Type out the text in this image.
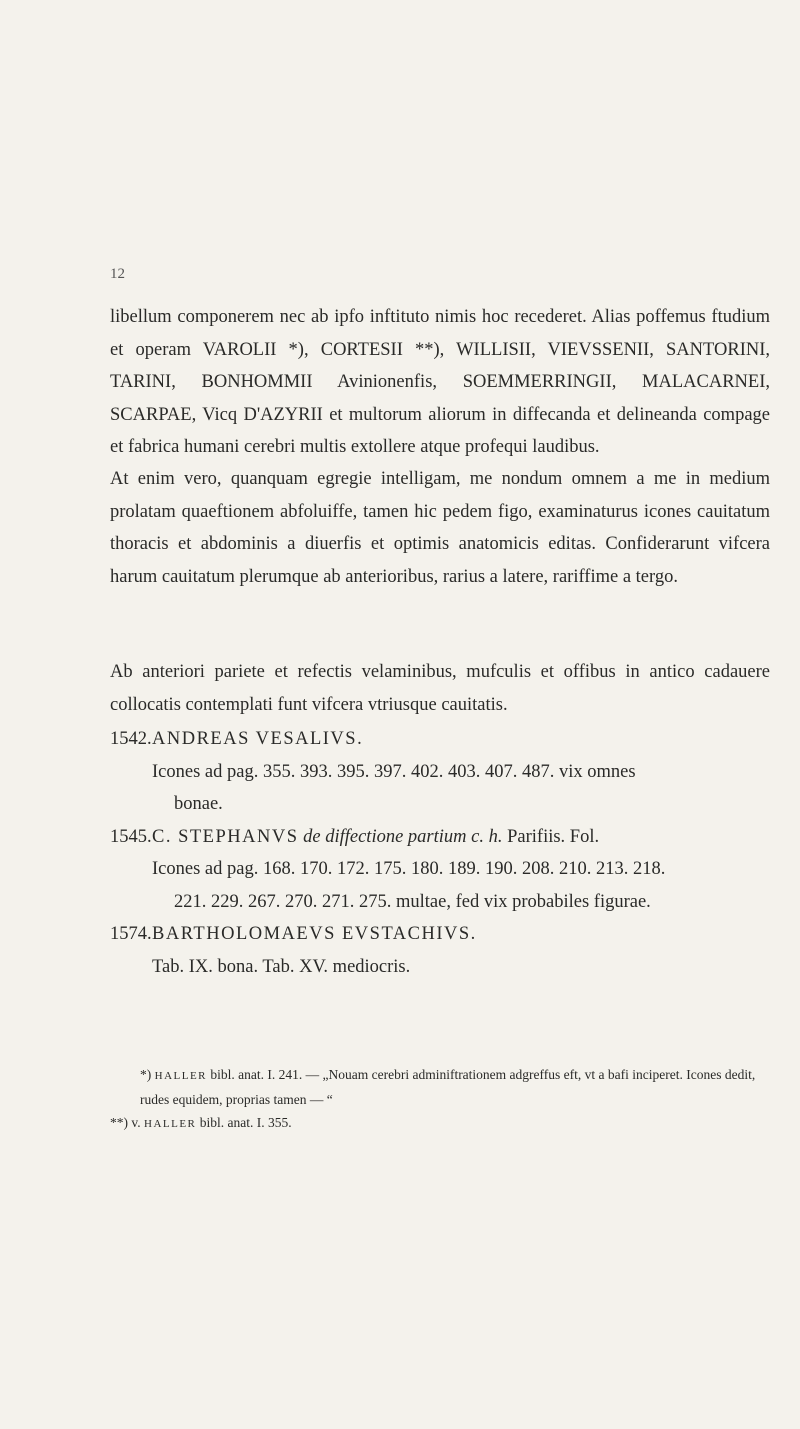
12

libellum componerem nec ab ipfo inftituto nimis hoc recederet. Alias poffemus ftudium et operam VAROLII *), CORTESII **), WILLISII, VIEVSSENII, SANTORINI, TARINI, BONHOMMII Avinionenfis, SOEMMERRINGII, MALACARNEI, SCARPAE, Vicq D'AZYRII et multorum aliorum in diffecanda et delineanda compage et fabrica humani cerebri multis extollere atque profequi laudibus.

At enim vero, quanquam egregie intelligam, me nondum omnem a me in medium prolatam quaeftionem abfoluiffe, tamen hic pedem figo, examinaturus icones cauitatum thoracis et abdominis a diuerfis et optimis anatomicis editas. Confiderarunt vifcera harum cauitatum plerumque ab anterioribus, rarius a latere, rariffime a tergo.

Ab anteriori pariete et refectis velaminibus, mufculis et offibus in antico cadauere collocatis contemplati funt vifcera vtriusque cauitatis.

1542. ANDREAS VESALIVS.
Icones ad pag. 355. 393. 395. 397. 402. 403. 407. 487. vix omnes
bonae.
1545. C. STEPHANVS de diffectione partium c. h. Parifiis. Fol.
Icones ad pag. 168. 170. 172. 175. 180. 189. 190. 208. 210. 213. 218.
221. 229. 267. 270. 271. 275. multae, fed vix probabiles figurae.
1574. BARTHOLOMAEVS EVSTACHIVS.
Tab. IX. bona. Tab. XV. mediocris.
*) HALLER bibl. anat. I. 241. — „Nouam cerebri adminiftrationem adgreffus eft, vt a bafi inciperet. Icones dedit, rudes equidem, proprias tamen — “
**) v. HALLER bibl. anat. I. 355.
